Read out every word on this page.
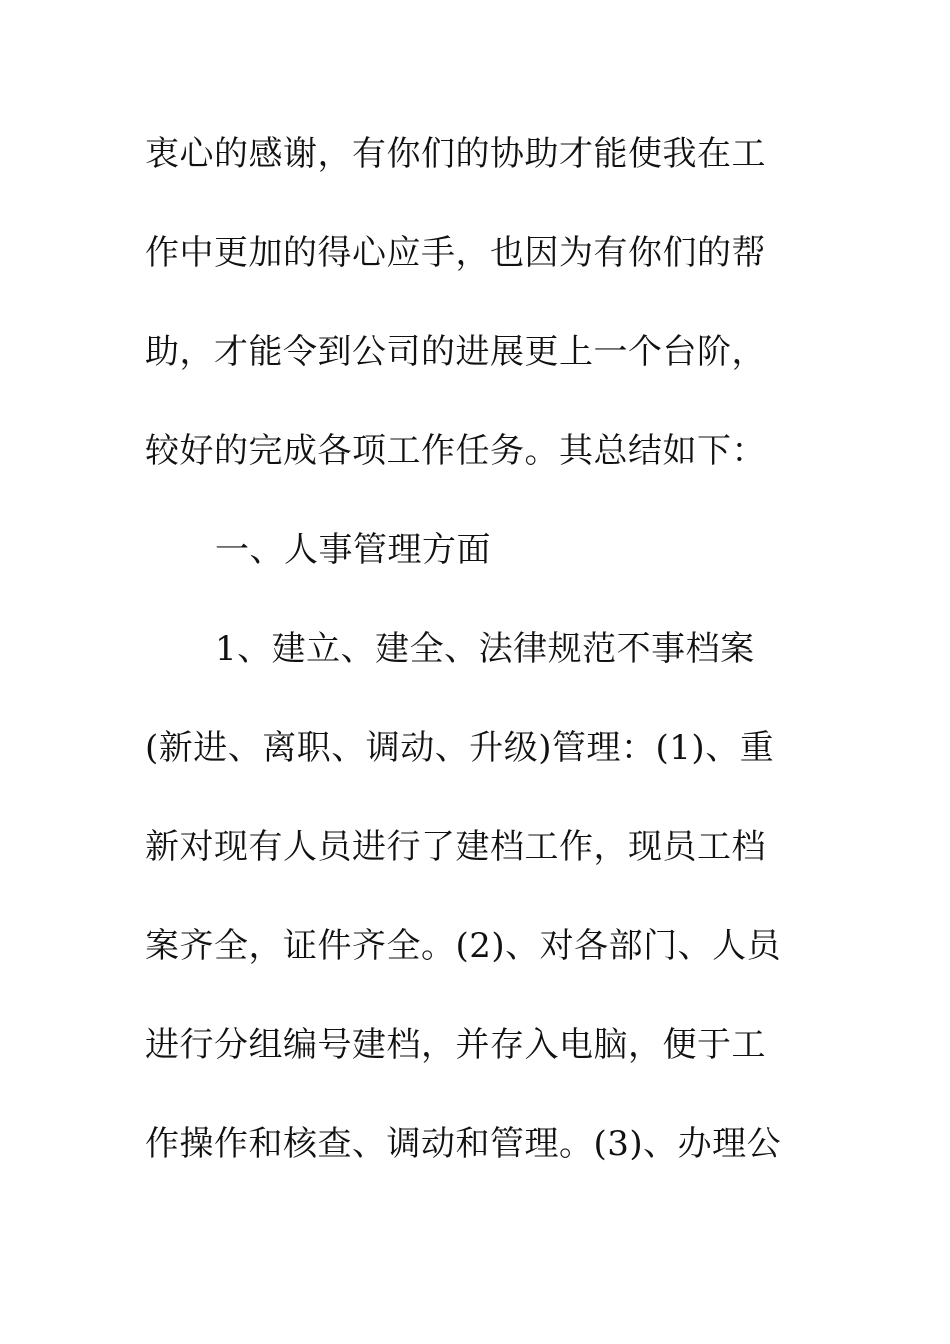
衷心的感谢，有你们的协助才能使我在工
作中更加的得心应手，也因为有你们的帮
助，才能令到公司的进展更上一个台阶，
较好的完成各项工作任务。其总结如下：
一、人事管理方面
1、建立、建全、法律规范不事档案
(新进、离职、调动、升级)管理：(1)、重
新对现有人员进行了建档工作，现员工档
案齐全，证件齐全。(2)、对各部门、人员
进行分组编号建档，并存入电脑，便于工
作操作和核查、调动和管理。(3)、办理公
